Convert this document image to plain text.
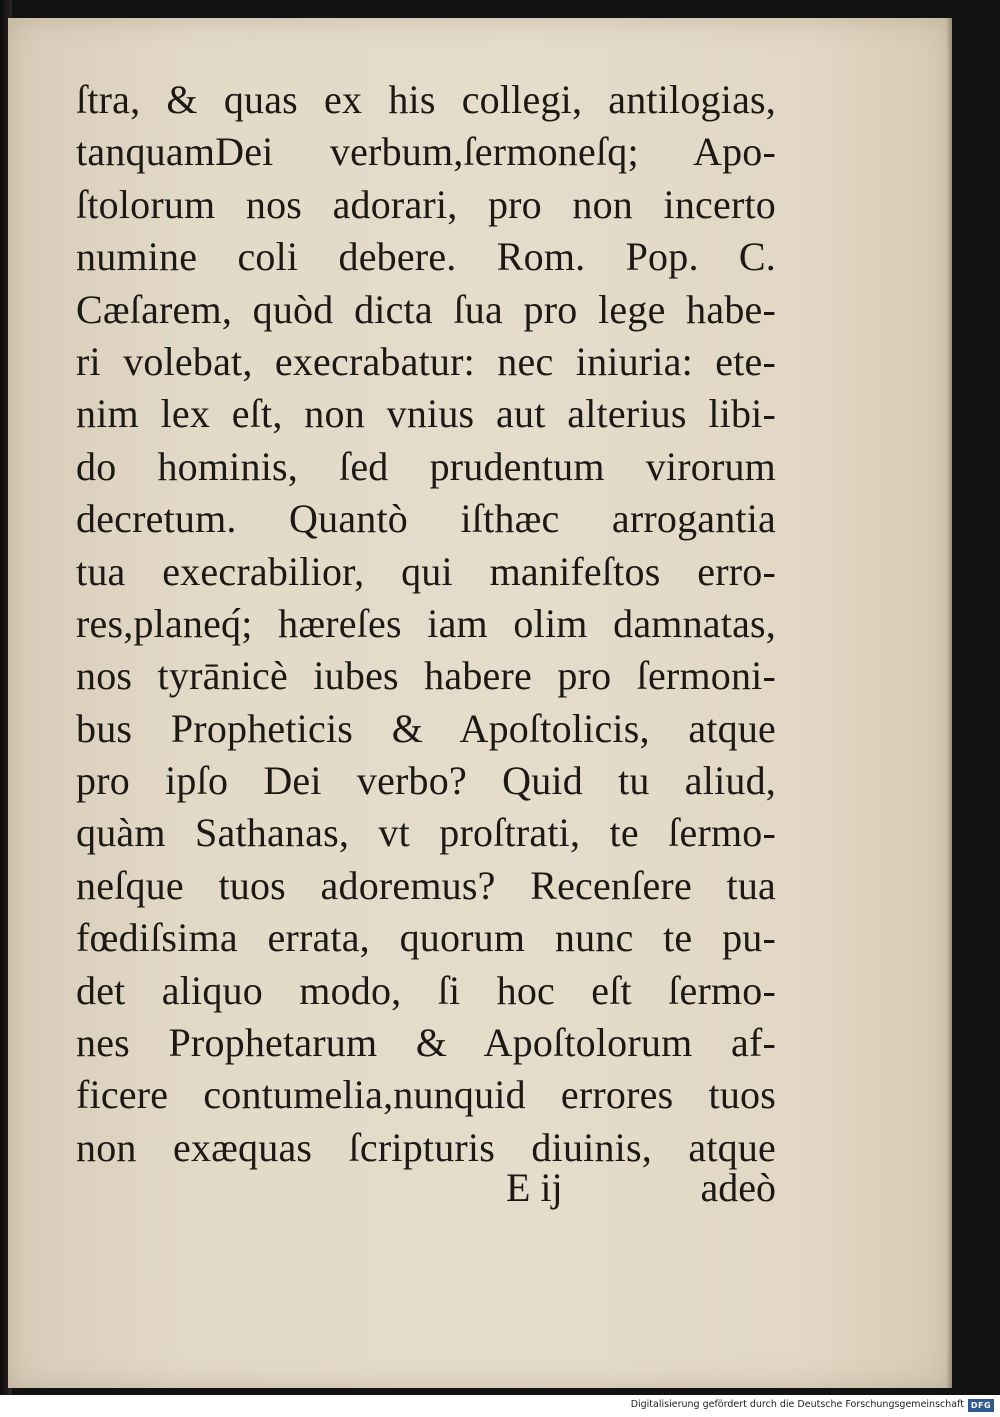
ſtra, & quas ex his collegi, antilogias,
tanquamDei verbum,ſermoneſq; Apo-
ſtolorum nos adorari, pro non incerto
numine coli debere. Rom. Pop. C.
Cæſarem, quòd dicta ſua pro lege habe-
ri volebat, execrabatur: nec iniuria: ete-
nim lex eſt, non vnius aut alterius libi-
do hominis, ſed prudentum virorum
decretum. Quantò iſthæc arrogantia
tua execrabilior, qui manifeſtos erro-
res,planeq́; hæreſes iam olim damnatas,
nos tyrānicè iubes habere pro ſermoni-
bus Propheticis & Apoſtolicis, atque
pro ipſo Dei verbo? Quid tu aliud,
quàm Sathanas, vt proſtrati, te ſermo-
neſque tuos adoremus? Recenſere tua
fœdiſsima errata, quorum nunc te pu-
det aliquo modo, ſi hoc eſt ſermo-
nes Prophetarum & Apoſtolorum af-
ficere contumelia,nunquid errores tuos
non exæquas ſcripturis diuinis, atque
E ij	adeò
Digitalisierung gefördert durch die Deutsche Forschungsgemeinschaft DFG
